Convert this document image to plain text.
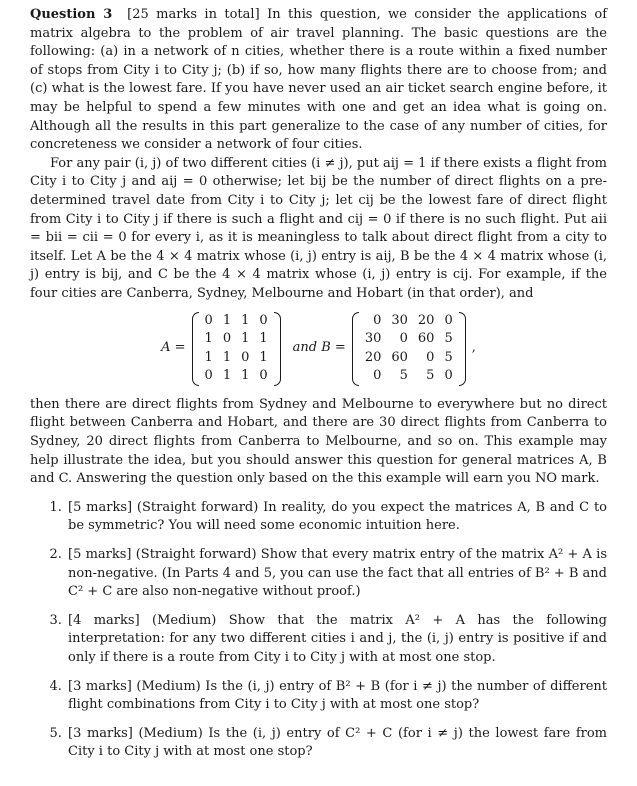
Question 3 [25 marks in total] In this question, we consider the applications of matrix algebra to the problem of air travel planning. The basic questions are the following: (a) in a network of n cities, whether there is a route within a fixed number of stops from City i to City j; (b) if so, how many flights there are to choose from; and (c) what is the lowest fare. If you have never used an air ticket search engine before, it may be helpful to spend a few minutes with one and get an idea what is going on. Although all the results in this part generalize to the case of any number of cities, for concreteness we consider a network of four cities.

For any pair (i, j) of two different cities (i ≠ j), put aij = 1 if there exists a flight from City i to City j and aij = 0 otherwise; let bij be the number of direct flights on a pre-determined travel date from City i to City j; let cij be the lowest fare of direct flight from City i to City j if there is such a flight and cij = 0 if there is no such flight. Put aii = bii = cii = 0 for every i, as it is meaningless to talk about direct flight from a city to itself. Let A be the 4 × 4 matrix whose (i, j) entry is aij, B be the 4 × 4 matrix whose (i, j) entry is bij, and C be the 4 × 4 matrix whose (i, j) entry is cij. For example, if the four cities are Canberra, Sydney, Melbourne and Hobart (in that order), and

A =
0	1	1	0
1	0	1	1
1	1	0	1
0	1	1	0
and B =
0	30	20	0
30	0	60	5
20	60	0	5
0	5	5	0
,

then there are direct flights from Sydney and Melbourne to everywhere but no direct flight between Canberra and Hobart, and there are 30 direct flights from Canberra to Sydney, 20 direct flights from Canberra to Melbourne, and so on. This example may help illustrate the idea, but you should answer this question for general matrices A, B and C. Answering the question only based on the this example will earn you NO mark.

1. [5 marks] (Straight forward) In reality, do you expect the matrices A, B and C to be symmetric? You will need some economic intuition here.
2. [5 marks] (Straight forward) Show that every matrix entry of the matrix A² + A is non-negative. (In Parts 4 and 5, you can use the fact that all entries of B² + B and C² + C are also non-negative without proof.)
3. [4 marks] (Medium) Show that the matrix A² + A has the following interpretation: for any two different cities i and j, the (i, j) entry is positive if and only if there is a route from City i to City j with at most one stop.
4. [3 marks] (Medium) Is the (i, j) entry of B² + B (for i ≠ j) the number of different flight combinations from City i to City j with at most one stop?
5. [3 marks] (Medium) Is the (i, j) entry of C² + C (for i ≠ j) the lowest fare from City i to City j with at most one stop?
